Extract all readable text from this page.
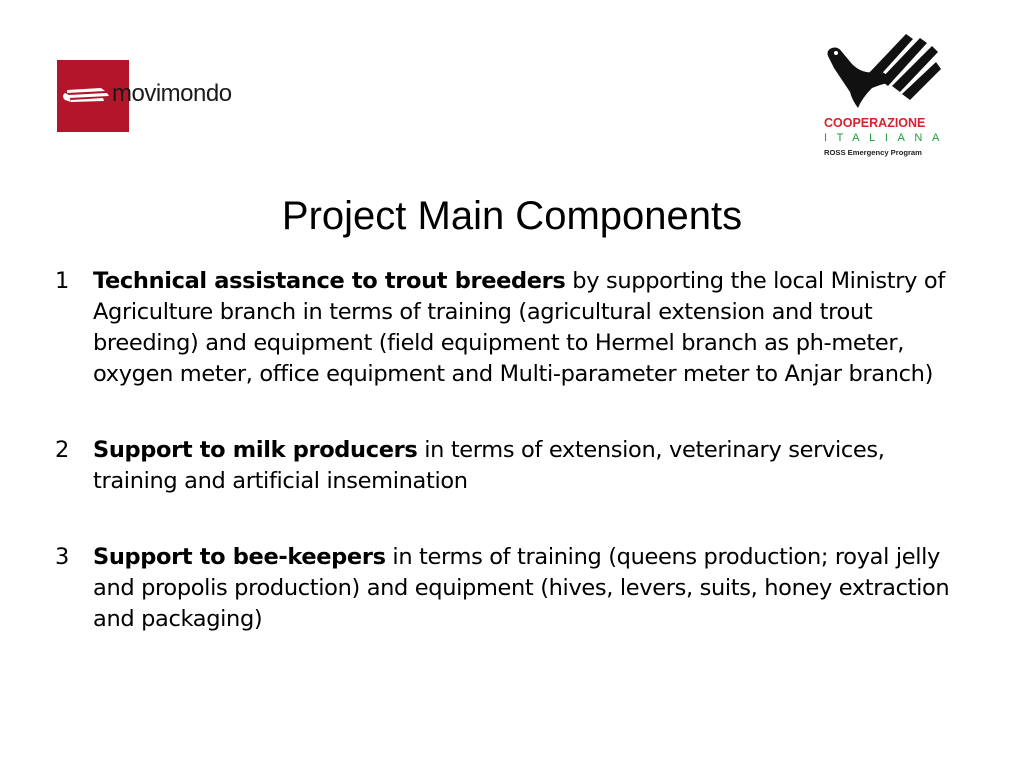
movimondo
COOPERAZIONE
ITALIANA
ROSS Emergency Program
Project Main Components
1 Technical assistance to trout breeders by supporting the local Ministry of Agriculture branch in terms of training (agricultural extension and trout breeding) and equipment (field equipment to Hermel branch as ph-meter, oxygen meter, office equipment and Multi-parameter meter to Anjar branch)
2 Support to milk producers in terms of extension, veterinary services, training and artificial insemination
3 Support to bee-keepers in terms of training (queens production; royal jelly and propolis production) and equipment (hives, levers, suits, honey extraction and packaging)
